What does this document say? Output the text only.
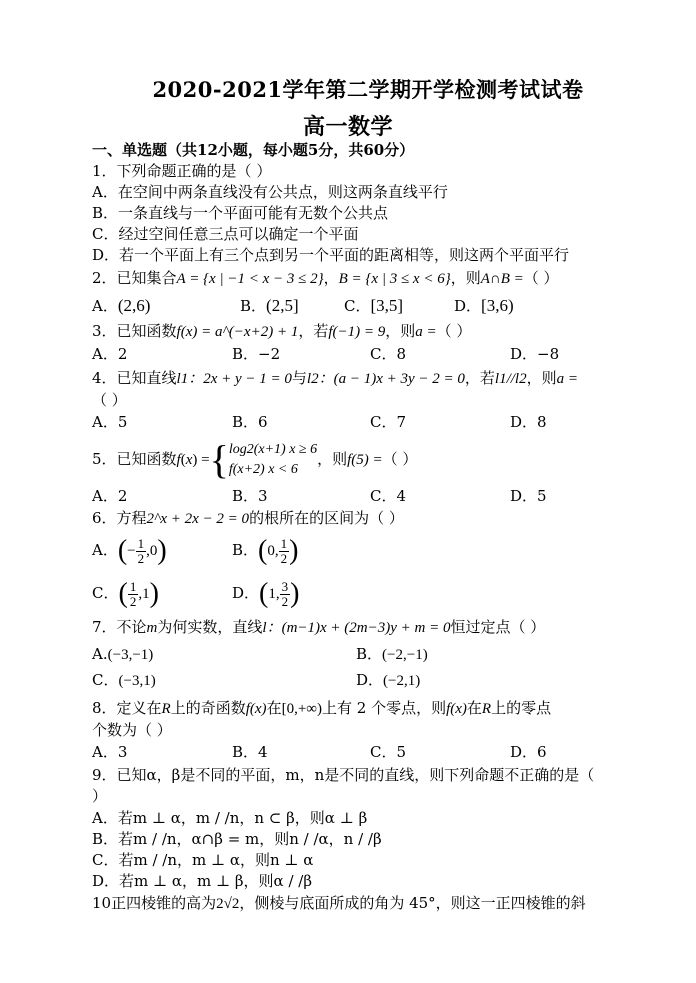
2020-2021学年第二学期开学检测考试试卷
高一数学
一、单选题（共12小题，每小题5分，共60分）
1．下列命题正确的是（ ）
A．在空间中两条直线没有公共点，则这两条直线平行
B．一条直线与一个平面可能有无数个公共点
C．经过空间任意三点可以确定一个平面
D．若一个平面上有三个点到另一个平面的距离相等，则这两个平面平行
2．已知集合A = {x | −1 < x − 3 ≤ 2}，B = {x | 3 ≤ x < 6}，则A∩B =（ ）
A．(2,6)	B．(2,5]	C．[3,5]	D．[3,6)
3．已知函数f(x) = a^(−x+2) + 1，若f(−1) = 9，则a =（ ）
A．2	B．−2	C．8	D．−8
4．已知直线l1：2x + y − 1 = 0与l2：(a − 1)x + 3y − 2 = 0，若l1//l2，则a =
（ ）
A．5	B．6	C．7	D．8
5．已知函数f(x) ={ log2(x+1) x ≥ 6
f(x+2) x < 6
，则f(5) =（ ）
A．2	B．3	C．4	D．5
6．方程2^x + 2x − 2 = 0的根所在的区间为（ ）
A．(− $\frac{1}{2} ,0$)	B．(0, $\frac{1}{2}$ )
C．( $\frac{1}{2} ,1$)	D．(1, $\frac{3}{2}$ )
7．不论m为何实数，直线l：(m−1)x + (2m−3)y + m = 0恒过定点（ ）
A.(−3,−1)	B．(−2,−1)
C．(−3,1)	D．(−2,1)
8．定义在R上的奇函数f(x)在[0,+∞)上有 2 个零点，则f(x)在R上的零点
个数为（ ）
A．3	B．4	C．5	D．6
9．已知α，β是不同的平面，m，n是不同的直线，则下列命题不正确的是（
）
A．若m ⊥ α，m / /n，n ⊂ β，则α ⊥ β
B．若m / /n，α∩β = m，则n / /α，n / /β
C．若m / /n，m ⊥ α，则n ⊥ α
D．若m ⊥ α，m ⊥ β，则α / /β
10正四棱锥的高为2√2，侧棱与底面所成的角为 45°，则这一正四棱锥的斜
